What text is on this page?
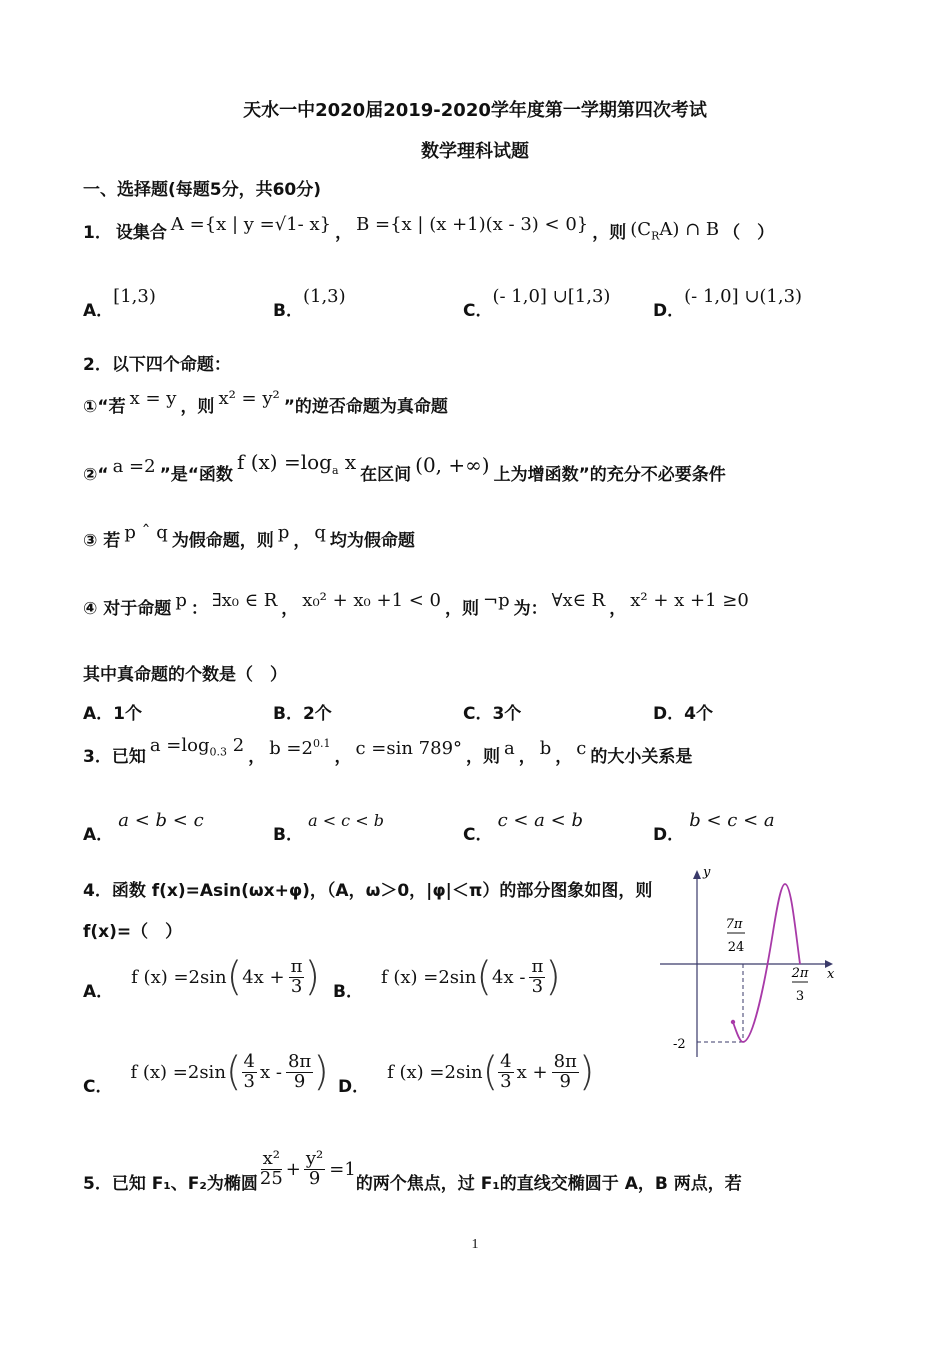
天水一中2020届2019-2020学年度第一学期第四次考试
数学理科试题
一、选择题(每题5分，共60分)
1． 设集合 A ={x | y =√1- x} ， B ={x | (x +1)(x - 3) < 0} ，则 $(C_RA)$ ∩ B （　）
A．[1,3)
B．(1,3)
C．(- 1,0] ∪[1,3)
D．(- 1,0] ∪(1,3)
2．以下四个命题：
①“若 x = y ，则 x² = y² ”的逆否命题为真命题
②“ a =2 ”是“函数
f $(x) =\log_a$ x
在区间 (0, +∞) 上为增函数”的充分不必要条件
③ 若 p ˆ q 为假命题，则 p ， q 均为假命题
④ 对于命题 p ： ∃x₀ ∈ R ， x₀² + x₀ +1 < 0 ，则 ¬p 为： ∀x∈ R ， x² + x +1 ≥0
其中真命题的个数是（　）
A．1个	B．2个	C．3个	D．4个
3．已知
$a =\log_{0.3}$ 2
， $b =2^{0.1}$
， c =sin 789° ，则 a ， b ， c 的大小关系是
A． a < b < c
B． a < c < b
C． c < a < b
D． b < c < a
4．函数 f(x)=Asin(ωx+φ)，（A，ω＞0，|φ|＜π）的部分图象如图，则
f(x)=（　）
A．
f (x) =2sin ( $4x + \frac{\pi}{3}$ ) B．
f (x) =2sin ( $4x - \frac{\pi}{3}$ )
C．
f (x) =2sin ( $\frac{4}{3}$ x - $\frac{8\pi}{9}$ ) D．
f (x) =2sin ( $\frac{4}{3}$ $x + \frac{8\pi}{9}$ )
y
x
7π
24
2π
3
-2
5．已知 F₁、F₂为椭圆 $\frac{\text{x²}}{25} + \frac{\text{y²}}{9} =1$
的两个焦点，过 F₁的直线交椭圆于 A，B 两点，若
1
